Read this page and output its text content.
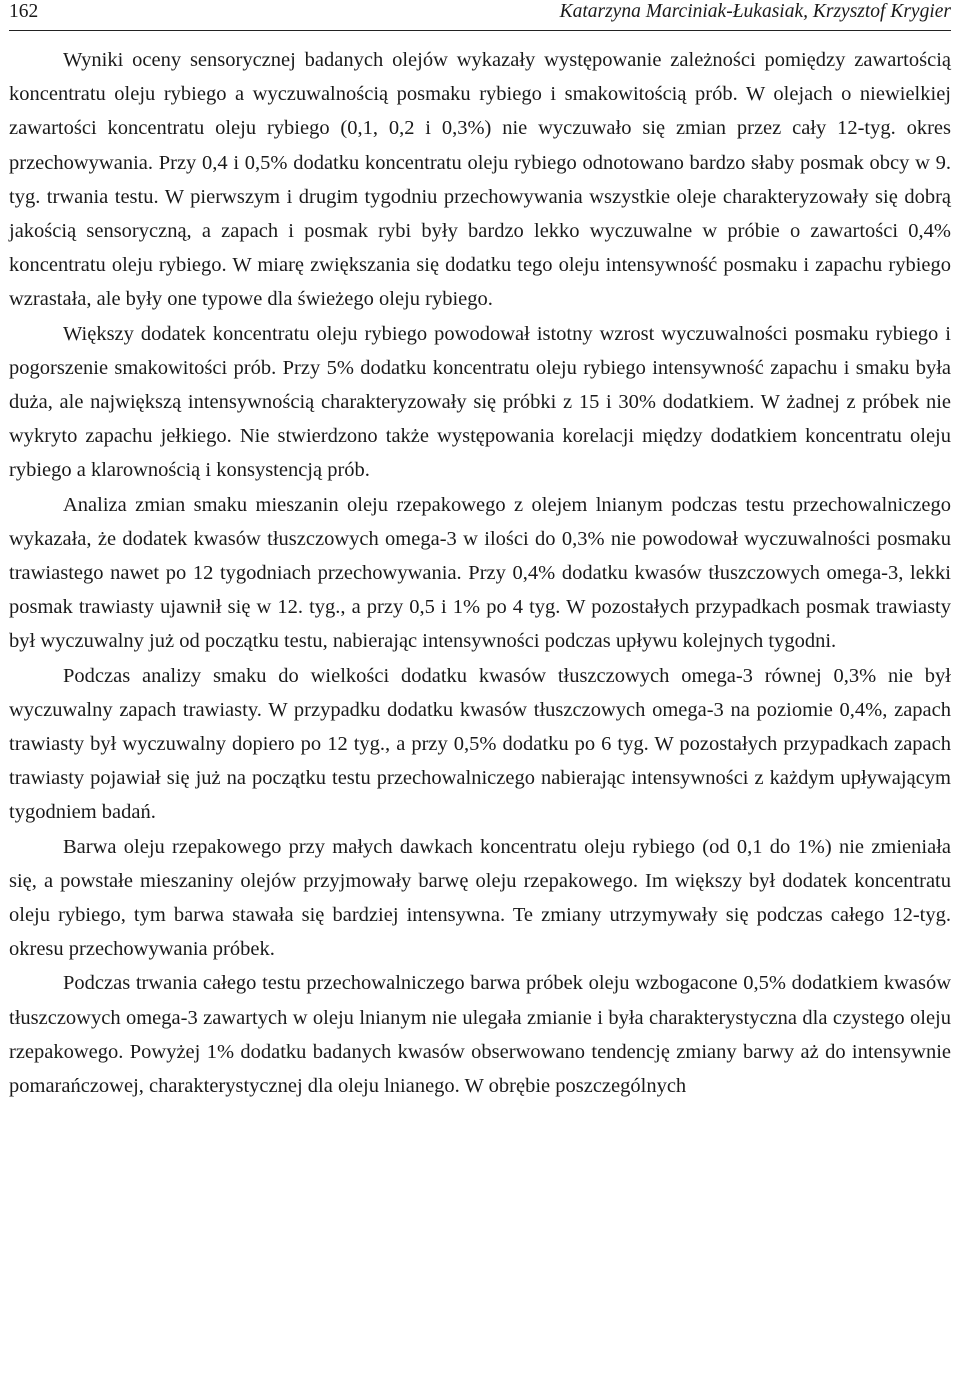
162	Katarzyna Marciniak-Łukasiak, Krzysztof Krygier

Wyniki oceny sensorycznej badanych olejów wykazały występowanie zależności pomiędzy zawartością koncentratu oleju rybiego a wyczuwalnością posmaku rybiego i smakowitością prób. W olejach o niewielkiej zawartości koncentratu oleju rybiego (0,1, 0,2 i 0,3%) nie wyczuwało się zmian przez cały 12-tyg. okres przechowywania. Przy 0,4 i 0,5% dodatku koncentratu oleju rybiego odnotowano bardzo słaby posmak obcy w 9. tyg. trwania testu. W pierwszym i drugim tygodniu przechowywania wszystkie oleje charakteryzowały się dobrą jakością sensoryczną, a zapach i posmak rybi były bardzo lekko wyczuwalne w próbie o zawartości 0,4% koncentratu oleju rybiego. W miarę zwiększania się dodatku tego oleju intensywność posmaku i zapachu rybiego wzrastała, ale były one typowe dla świeżego oleju rybiego.

Większy dodatek koncentratu oleju rybiego powodował istotny wzrost wyczuwalności posmaku rybiego i pogorszenie smakowitości prób. Przy 5% dodatku koncentratu oleju rybiego intensywność zapachu i smaku była duża, ale największą intensywnością charakteryzowały się próbki z 15 i 30% dodatkiem. W żadnej z próbek nie wykryto zapachu jełkiego. Nie stwierdzono także występowania korelacji między dodatkiem koncentratu oleju rybiego a klarownością i konsystencją prób.

Analiza zmian smaku mieszanin oleju rzepakowego z olejem lnianym podczas testu przechowalniczego wykazała, że dodatek kwasów tłuszczowych omega-3 w ilości do 0,3% nie powodował wyczuwalności posmaku trawiastego nawet po 12 tygodniach przechowywania. Przy 0,4% dodatku kwasów tłuszczowych omega-3, lekki posmak trawiasty ujawnił się w 12. tyg., a przy 0,5 i 1% po 4 tyg. W pozostałych przypadkach posmak trawiasty był wyczuwalny już od początku testu, nabierając intensywności podczas upływu kolejnych tygodni.

Podczas analizy smaku do wielkości dodatku kwasów tłuszczowych omega-3 równej 0,3% nie był wyczuwalny zapach trawiasty. W przypadku dodatku kwasów tłuszczowych omega-3 na poziomie 0,4%, zapach trawiasty był wyczuwalny dopiero po 12 tyg., a przy 0,5% dodatku po 6 tyg. W pozostałych przypadkach zapach trawiasty pojawiał się już na początku testu przechowalniczego nabierając intensywności z każdym upływającym tygodniem badań.

Barwa oleju rzepakowego przy małych dawkach koncentratu oleju rybiego (od 0,1 do 1%) nie zmieniała się, a powstałe mieszaniny olejów przyjmowały barwę oleju rzepakowego. Im większy był dodatek koncentratu oleju rybiego, tym barwa stawała się bardziej intensywna. Te zmiany utrzymywały się podczas całego 12-tyg. okresu przechowywania próbek.

Podczas trwania całego testu przechowalniczego barwa próbek oleju wzbogacone 0,5% dodatkiem kwasów tłuszczowych omega-3 zawartych w oleju lnianym nie ulegała zmianie i była charakterystyczna dla czystego oleju rzepakowego. Powyżej 1% dodatku badanych kwasów obserwowano tendencję zmiany barwy aż do intensywnie pomarańczowej, charakterystycznej dla oleju lnianego. W obrębie poszczególnych
